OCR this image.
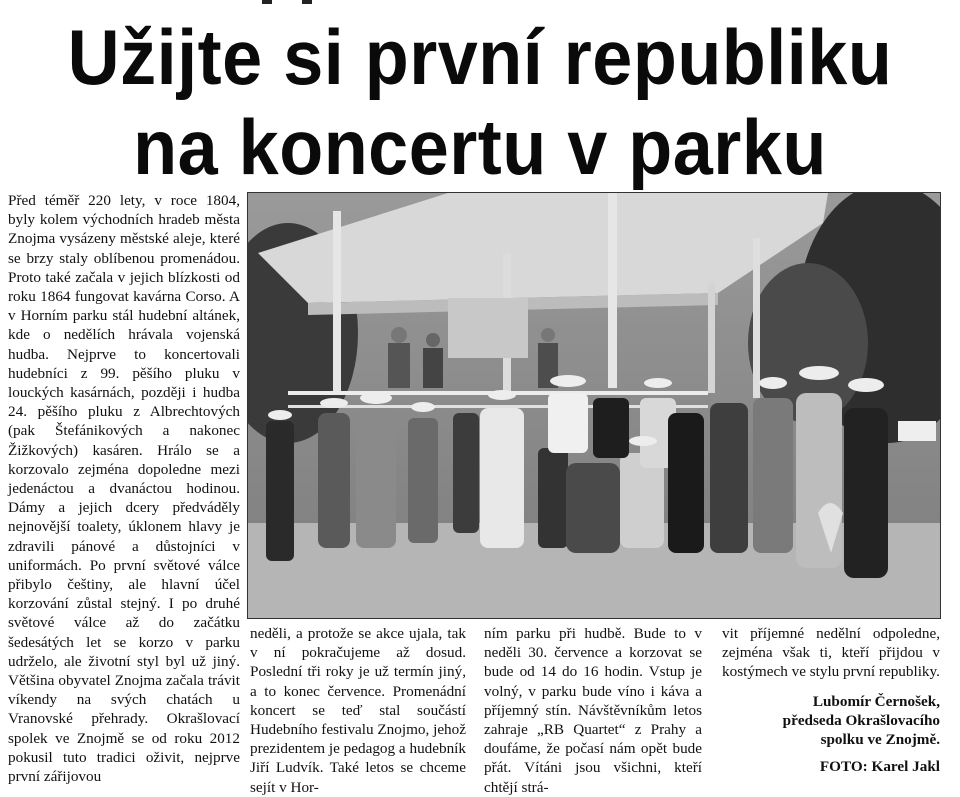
Užijte si první republiku
na koncertu v parku

Před téměř 220 lety, v roce 1804, byly kolem východních hradeb města Znojma vysázeny městské aleje, které se brzy staly oblíbenou promenádou. Proto také začala v jejich blízkosti od roku 1864 fungovat kavárna Corso. A v Horním parku stál hudební altánek, kde o nedělích hrávala vojenská hudba. Nejprve to koncertovali hudebníci z 99. pěšího pluku v louckých kasárnách, později i hudba 24. pěšího pluku z Albrechtových (pak Štefánikových a nakonec Žižkových) kasáren. Hrálo se a korzovalo zejména dopoledne mezi jedenáctou a dvanáctou hodinou. Dámy a jejich dcery předváděly nejnovější toalety, úklonem hlavy je zdravili pánové a důstojníci v uniformách. Po první světové válce přibylo češtiny, ale hlavní účel korzování zůstal stejný. I po druhé světové válce až do začátku šedesátých let se korzo v parku udrželo, ale životní styl byl už jiný. Většina obyvatel Znojma začala trávit víkendy na svých chatách u Vranovské přehrady. Okrašlovací spolek ve Znojmě se od roku 2012 pokusil tuto tradici oživit, nejprve první zářijovou

neděli, a protože se akce ujala, tak v ní pokračujeme až dosud. Poslední tři roky je už termín jiný, a to konec července. Promenádní koncert se teď stal součástí Hudebního festivalu Znojmo, jehož prezidentem je pedagog a hudebník Jiří Ludvík. Také letos se chceme sejít v Hor-

ním parku při hudbě. Bude to v neděli 30. července a korzovat se bude od 14 do 16 hodin. Vstup je volný, v parku bude víno i káva a příjemný stín. Návštěvníkům letos zahraje „RB Quartet“ z Prahy a doufáme, že počasí nám opět bude přát. Vítáni jsou všichni, kteří chtějí strá-

vit příjemné nedělní odpoledne, zejména však ti, kteří přijdou v kostýmech ve stylu první republiky.

Lubomír Černošek,
předseda Okrašlovacího
spolku ve Znojmě.
FOTO: Karel Jakl
